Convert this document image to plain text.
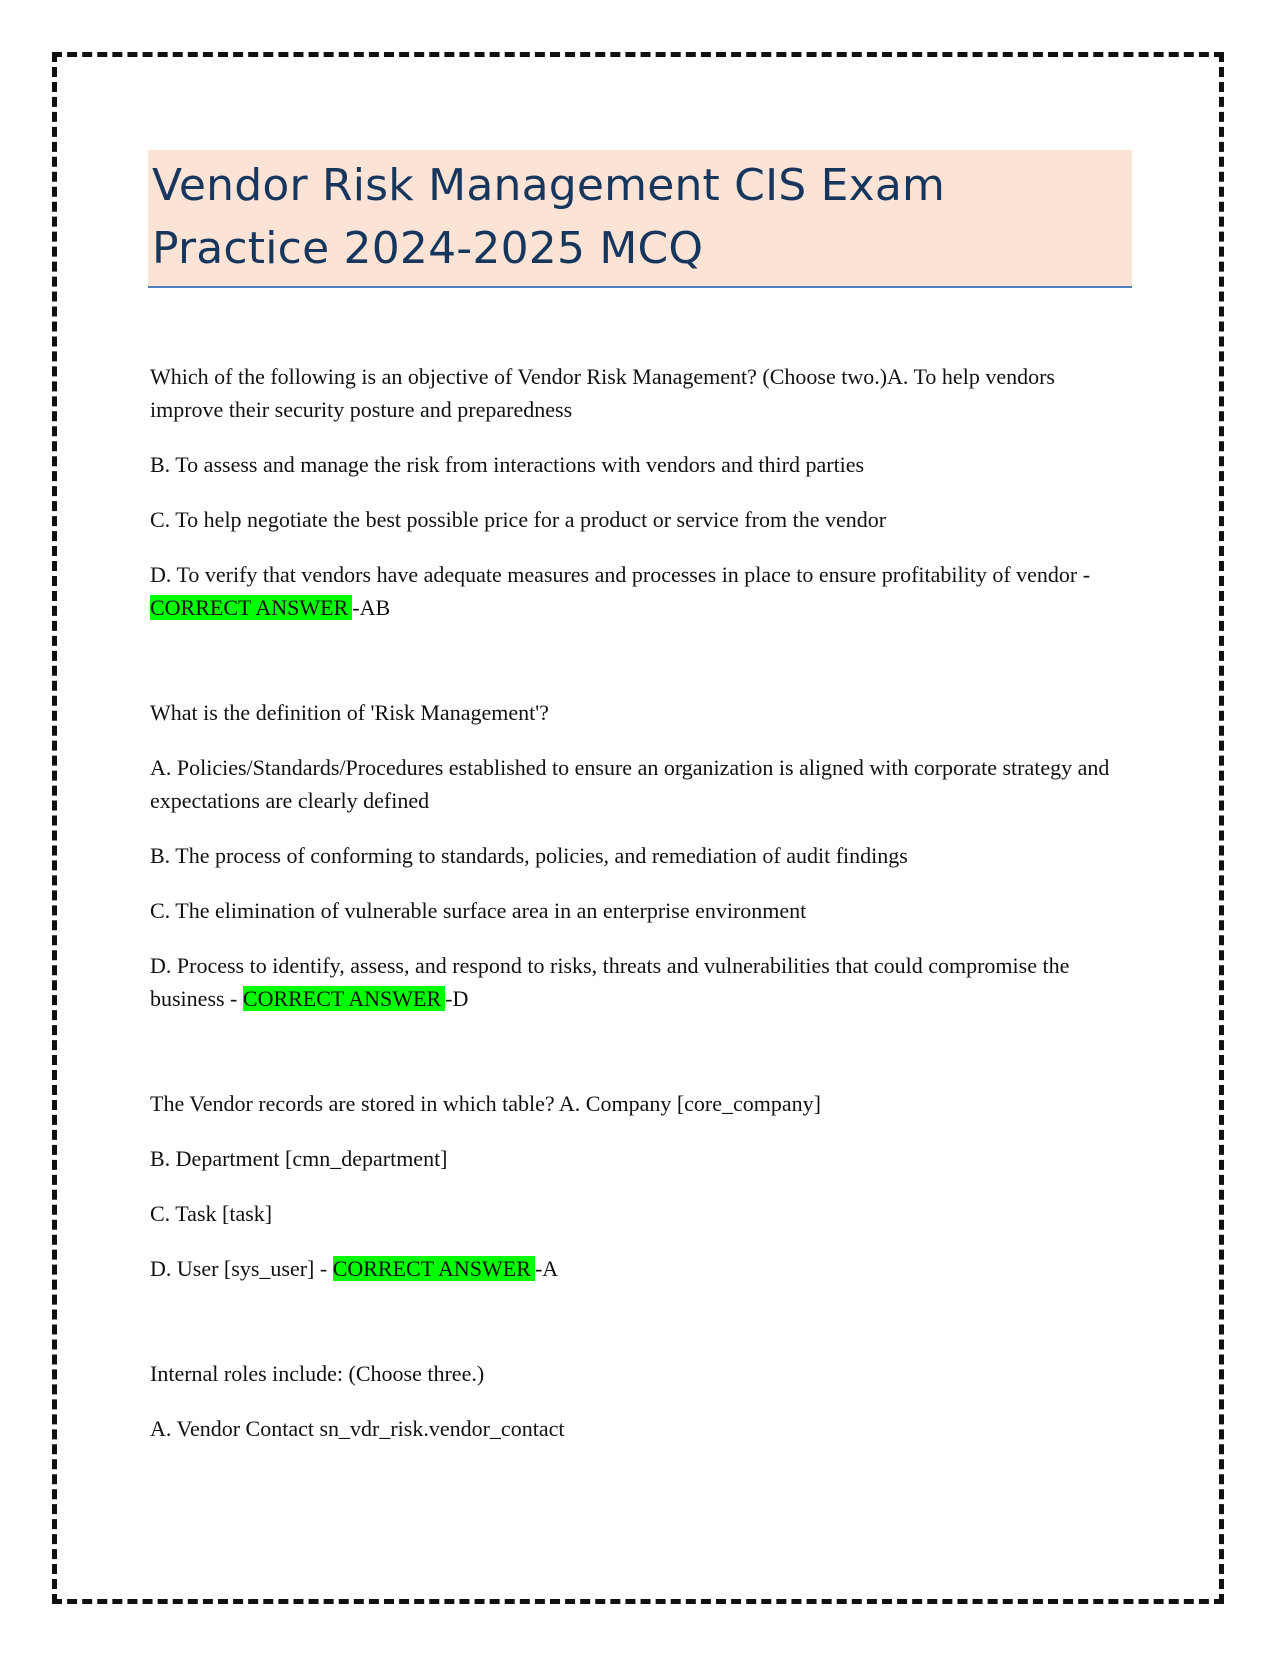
Vendor Risk Management CIS Exam Practice 2024-2025 MCQ

Which of the following is an objective of Vendor Risk Management? (Choose two.)A. To help vendors improve their security posture and preparedness

B. To assess and manage the risk from interactions with vendors and third parties

C. To help negotiate the best possible price for a product or service from the vendor

D. To verify that vendors have adequate measures and processes in place to ensure profitability of vendor - CORRECT ANSWER -AB

What is the definition of 'Risk Management'?

A. Policies/Standards/Procedures established to ensure an organization is aligned with corporate strategy and expectations are clearly defined

B. The process of conforming to standards, policies, and remediation of audit findings

C. The elimination of vulnerable surface area in an enterprise environment

D. Process to identify, assess, and respond to risks, threats and vulnerabilities that could compromise the business - CORRECT ANSWER -D

The Vendor records are stored in which table? A. Company [core_company]

B. Department [cmn_department]

C. Task [task]

D. User [sys_user] - CORRECT ANSWER -A

Internal roles include: (Choose three.)

A. Vendor Contact sn_vdr_risk.vendor_contact
